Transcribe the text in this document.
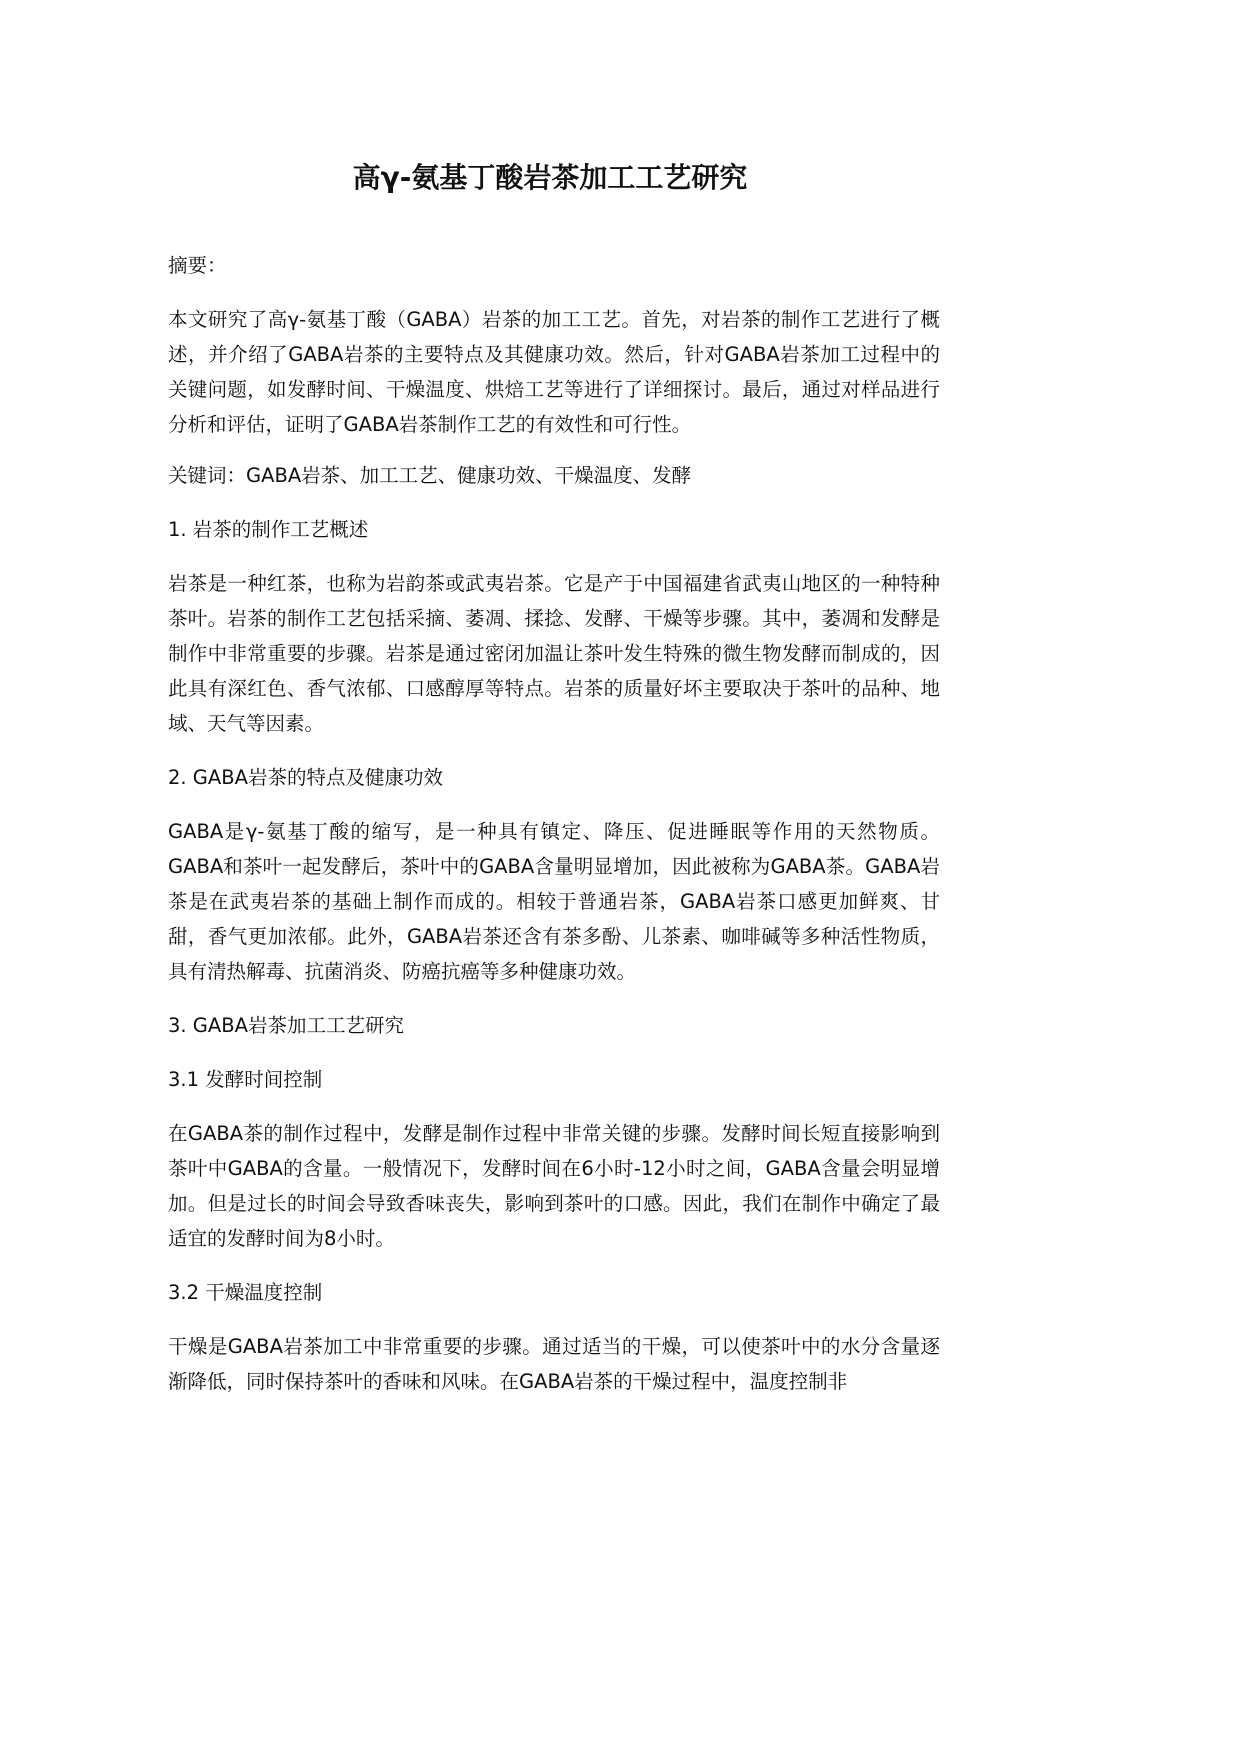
高γ-氨基丁酸岩茶加工工艺研究

摘要：

本文研究了高γ-氨基丁酸（GABA）岩茶的加工工艺。首先，对岩茶的制作工艺进行了概述，并介绍了GABA岩茶的主要特点及其健康功效。然后，针对GABA岩茶加工过程中的关键问题，如发酵时间、干燥温度、烘焙工艺等进行了详细探讨。最后，通过对样品进行分析和评估，证明了GABA岩茶制作工艺的有效性和可行性。

关键词：GABA岩茶、加工工艺、健康功效、干燥温度、发酵

1. 岩茶的制作工艺概述

岩茶是一种红茶，也称为岩韵茶或武夷岩茶。它是产于中国福建省武夷山地区的一种特种茶叶。岩茶的制作工艺包括采摘、萎凋、揉捻、发酵、干燥等步骤。其中，萎凋和发酵是制作中非常重要的步骤。岩茶是通过密闭加温让茶叶发生特殊的微生物发酵而制成的，因此具有深红色、香气浓郁、口感醇厚等特点。岩茶的质量好坏主要取决于茶叶的品种、地域、天气等因素。

2. GABA岩茶的特点及健康功效

GABA是γ-氨基丁酸的缩写，是一种具有镇定、降压、促进睡眠等作用的天然物质。GABA和茶叶一起发酵后，茶叶中的GABA含量明显增加，因此被称为GABA茶。GABA岩茶是在武夷岩茶的基础上制作而成的。相较于普通岩茶，GABA岩茶口感更加鲜爽、甘甜，香气更加浓郁。此外，GABA岩茶还含有茶多酚、儿茶素、咖啡碱等多种活性物质，具有清热解毒、抗菌消炎、防癌抗癌等多种健康功效。

3. GABA岩茶加工工艺研究

3.1 发酵时间控制

在GABA茶的制作过程中，发酵是制作过程中非常关键的步骤。发酵时间长短直接影响到茶叶中GABA的含量。一般情况下，发酵时间在6小时-12小时之间，GABA含量会明显增加。但是过长的时间会导致香味丧失，影响到茶叶的口感。因此，我们在制作中确定了最适宜的发酵时间为8小时。

3.2 干燥温度控制

干燥是GABA岩茶加工中非常重要的步骤。通过适当的干燥，可以使茶叶中的水分含量逐渐降低，同时保持茶叶的香味和风味。在GABA岩茶的干燥过程中，温度控制非
